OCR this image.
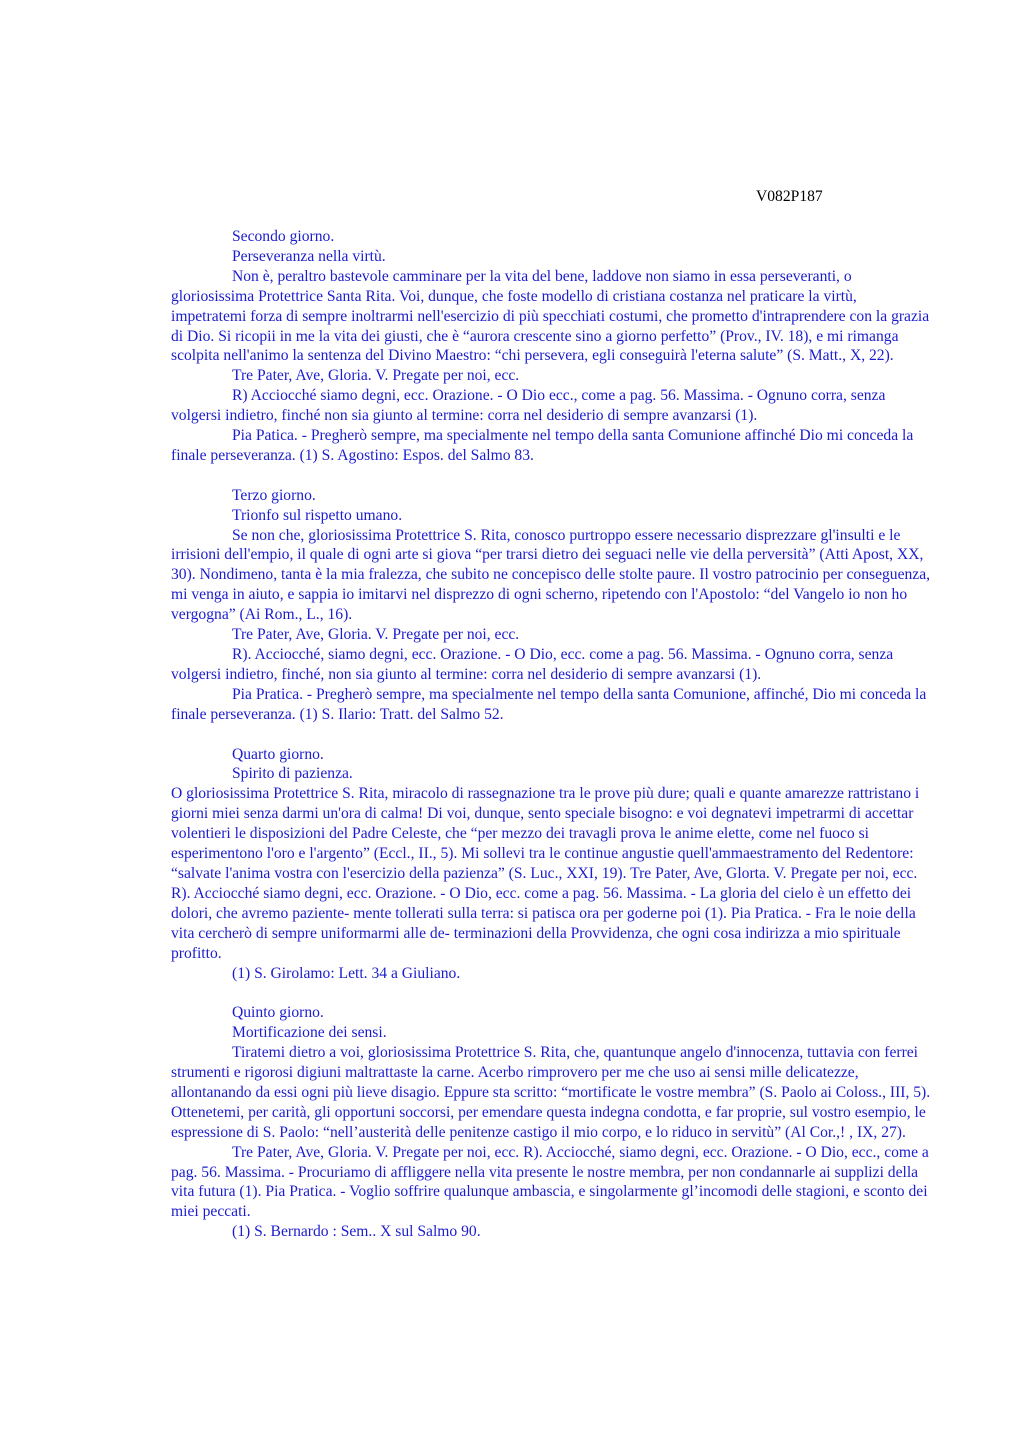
V082P187

Secondo giorno.

Perseveranza nella virtù.

Non è, peraltro bastevole camminare per la vita del bene, laddove non siamo in essa perseveranti, o gloriosissima Protettrice Santa Rita. Voi, dunque, che foste modello di cristiana costanza nel praticare la virtù, impetratemi forza di sempre inoltrarmi nell'esercizio di più specchiati costumi, che prometto d'intraprendere con la grazia di Dio. Si ricopii in me la vita dei giusti, che è “aurora crescente sino a giorno perfetto” (Prov., IV. 18), e mi rimanga scolpita nell'animo la sentenza del Divino Maestro: “chi persevera, egli conseguirà l'eterna salute” (S. Matt., X, 22).

Tre Pater, Ave, Gloria. V. Pregate per noi, ecc.

R) Acciocché siamo degni, ecc. Orazione. - O Dio ecc., come a pag. 56. Massima. - Ognuno corra, senza volgersi indietro, finché non sia giunto al termine: corra nel desiderio di sempre avanzarsi (1).

Pia Patica. - Pregherò sempre, ma specialmente nel tempo della santa Comunione affinché Dio mi conceda la finale perseveranza. (1) S. Agostino: Espos. del Salmo 83.

Terzo giorno.

Trionfo sul rispetto umano.

Se non che, gloriosissima Protettrice S. Rita, conosco purtroppo essere necessario disprezzare gl'insulti e le irrisioni dell'empio, il quale di ogni arte si giova “per trarsi dietro dei seguaci nelle vie della perversità” (Atti Apost, XX, 30). Nondimeno, tanta è la mia fralezza, che subito ne concepisco delle stolte paure. Il vostro patrocinio per conseguenza, mi venga in aiuto, e sappia io imitarvi nel disprezzo di ogni scherno, ripetendo con l'Apostolo: “del Vangelo io non ho vergogna” (Ai Rom., L., 16).

Tre Pater, Ave, Gloria. V. Pregate per noi, ecc.

R). Acciocché, siamo degni, ecc. Orazione. - O Dio, ecc. come a pag. 56. Massima. - Ognuno corra, senza volgersi indietro, finché, non sia giunto al termine: corra nel desiderio di sempre avanzarsi (1).

Pia Pratica. - Pregherò sempre, ma specialmente nel tempo della santa Comunione, affinché, Dio mi conceda la finale perseveranza. (1) S. Ilario: Tratt. del Salmo 52.

Quarto giorno.

Spirito di pazienza.

O gloriosissima Protettrice S. Rita, miracolo di rassegnazione tra le prove più dure; quali e quante amarezze rattristano i giorni miei senza darmi un'ora di calma! Di voi, dunque, sento speciale bisogno: e voi degnatevi impetrarmi di accettar volentieri le disposizioni del Padre Celeste, che “per mezzo dei travagli prova le anime elette, come nel fuoco si esperimentono l'oro e l'argento” (Eccl., II., 5). Mi sollevi tra le continue angustie quell'ammaestramento del Redentore: “salvate l'anima vostra con l'esercizio della pazienza” (S. Luc., XXI, 19). Tre Pater, Ave, Glorta. V. Pregate per noi, ecc. R). Acciocché siamo degni, ecc. Orazione. - O Dio, ecc. come a pag. 56. Massima. - La gloria del cielo è un effetto dei dolori, che avremo paziente- mente tollerati sulla terra: si patisca ora per goderne poi (1). Pia Pratica. - Fra le noie della vita cercherò di sempre uniformarmi alle de- terminazioni della Provvidenza, che ogni cosa indirizza a mio spirituale profitto.

(1) S. Girolamo: Lett. 34 a Giuliano.

Quinto giorno.

Mortificazione dei sensi.

Tiratemi dietro a voi, gloriosissima Protettrice S. Rita, che, quantunque angelo d'innocenza, tuttavia con ferrei strumenti e rigorosi digiuni maltrattaste la carne. Acerbo rimprovero per me che uso ai sensi mille delicatezze, allontanando da essi ogni più lieve disagio. Eppure sta scritto: “mortificate le vostre membra” (S. Paolo ai Coloss., III, 5). Ottenetemi, per carità, gli opportuni soccorsi, per emendare questa indegna condotta, e far proprie, sul vostro esempio, le espressione di S. Paolo: “nell’austerità delle penitenze castigo il mio corpo, e lo riduco in servitù” (Al Cor.,! , IX, 27).

Tre Pater, Ave, Gloria. V. Pregate per noi, ecc. R). Acciocché, siamo degni, ecc. Orazione. - O Dio, ecc., come a pag. 56. Massima. - Procuriamo di affliggere nella vita presente le nostre membra, per non condannarle ai supplizi della vita futura (1). Pia Pratica. - Voglio soffrire qualunque ambascia, e singolarmente gl’incomodi delle stagioni, e sconto dei miei peccati.

(1) S. Bernardo : Sem.. X sul Salmo 90.
